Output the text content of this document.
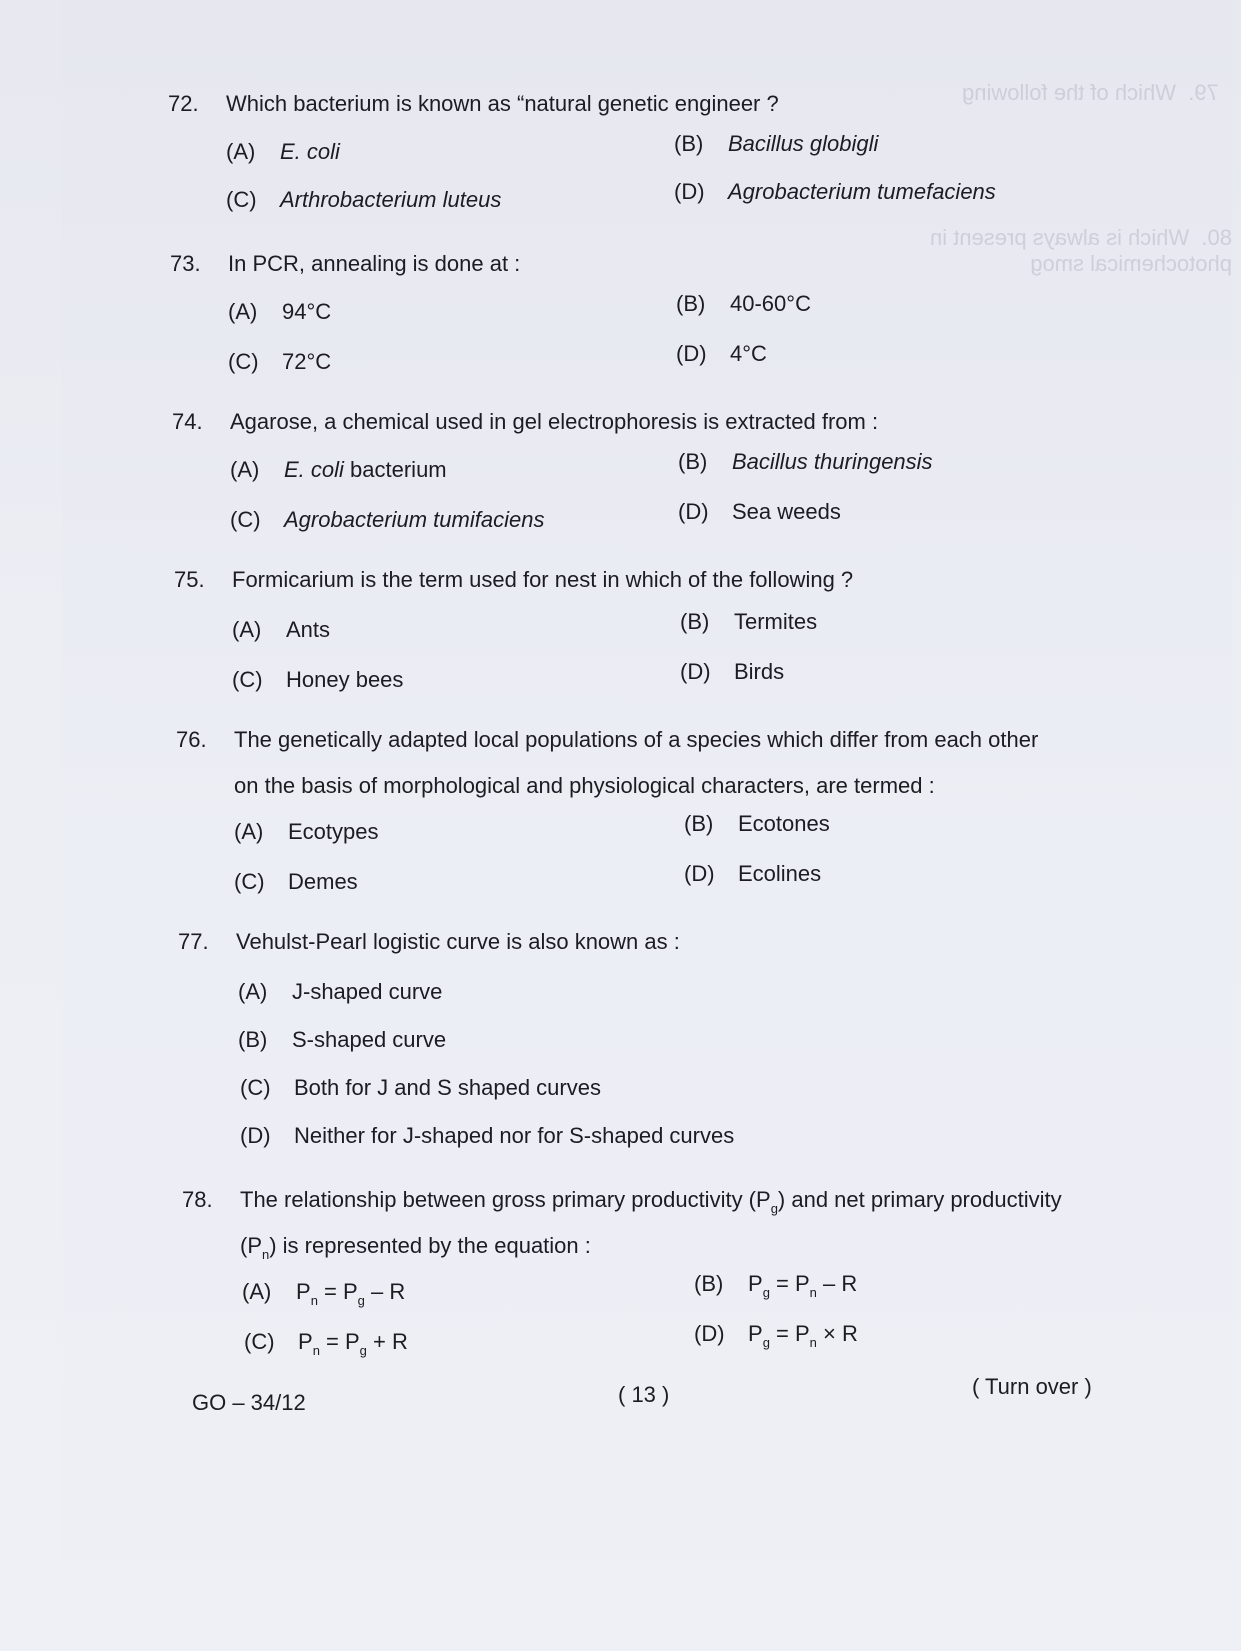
79.  Which of the following
80.  Which is always present in photochemical smog
72. Which bacterium is known as “natural genetic engineer ?
(A) E. coli	(B) Bacillus globigli
(C) Arthrobacterium luteus	(D) Agrobacterium tumefaciens
73. In PCR, annealing is done at :
(A) 94°C	(B) 40-60°C
(C) 72°C	(D) 4°C
74. Agarose, a chemical used in gel electrophoresis is extracted from :
(A) E. coli bacterium	(B) Bacillus thuringensis
(C) Agrobacterium tumifaciens	(D) Sea weeds
75. Formicarium is the term used for nest in which of the following ?
(A) Ants	(B) Termites
(C) Honey bees	(D) Birds
76. The genetically adapted local populations of a species which differ from each other
on the basis of morphological and physiological characters, are termed :
(A) Ecotypes	(B) Ecotones
(C) Demes	(D) Ecolines
77. Vehulst-Pearl logistic curve is also known as :
(A) J-shaped curve
(B) S-shaped curve
(C) Both for J and S shaped curves
(D) Neither for J-shaped nor for S-shaped curves
78. The relationship between gross primary productivity $(P_g)$ and net primary productivity
$(P_n)$ is represented by the equation :
(A) $P_n = P_g - R$	(B) $P_g = P_n - R$
(C) $P_n = P_g + R$	(D) $P_g = P_n \times R$
GO – 34/12	( 13 )	( Turn over )
